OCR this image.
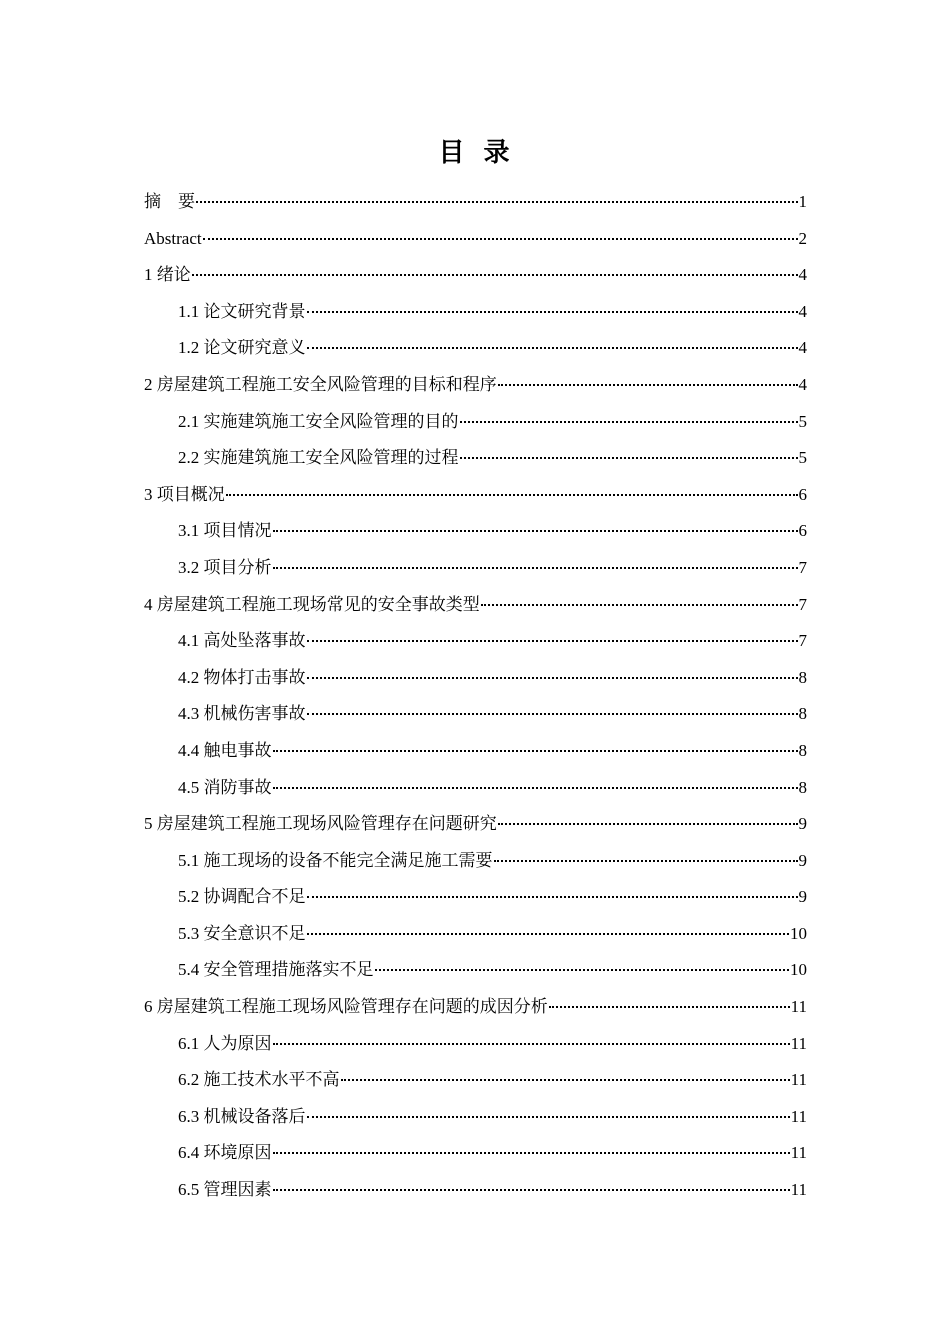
目  录
摘    要	1
Abstract	2
1 绪论	4
1.1 论文研究背景	4
1.2 论文研究意义	4
2 房屋建筑工程施工安全风险管理的目标和程序	4
2.1 实施建筑施工安全风险管理的目的	5
2.2 实施建筑施工安全风险管理的过程	5
3 项目概况	6
3.1 项目情况	6
3.2 项目分析	7
4 房屋建筑工程施工现场常见的安全事故类型	7
4.1 高处坠落事故	7
4.2 物体打击事故	8
4.3 机械伤害事故	8
4.4 触电事故	8
4.5 消防事故	8
5 房屋建筑工程施工现场风险管理存在问题研究	9
5.1 施工现场的设备不能完全满足施工需要	9
5.2 协调配合不足	9
5.3 安全意识不足	10
5.4 安全管理措施落实不足	10
6 房屋建筑工程施工现场风险管理存在问题的成因分析	11
6.1 人为原因	11
6.2 施工技术水平不高	11
6.3 机械设备落后	11
6.4 环境原因	11
6.5 管理因素	11
